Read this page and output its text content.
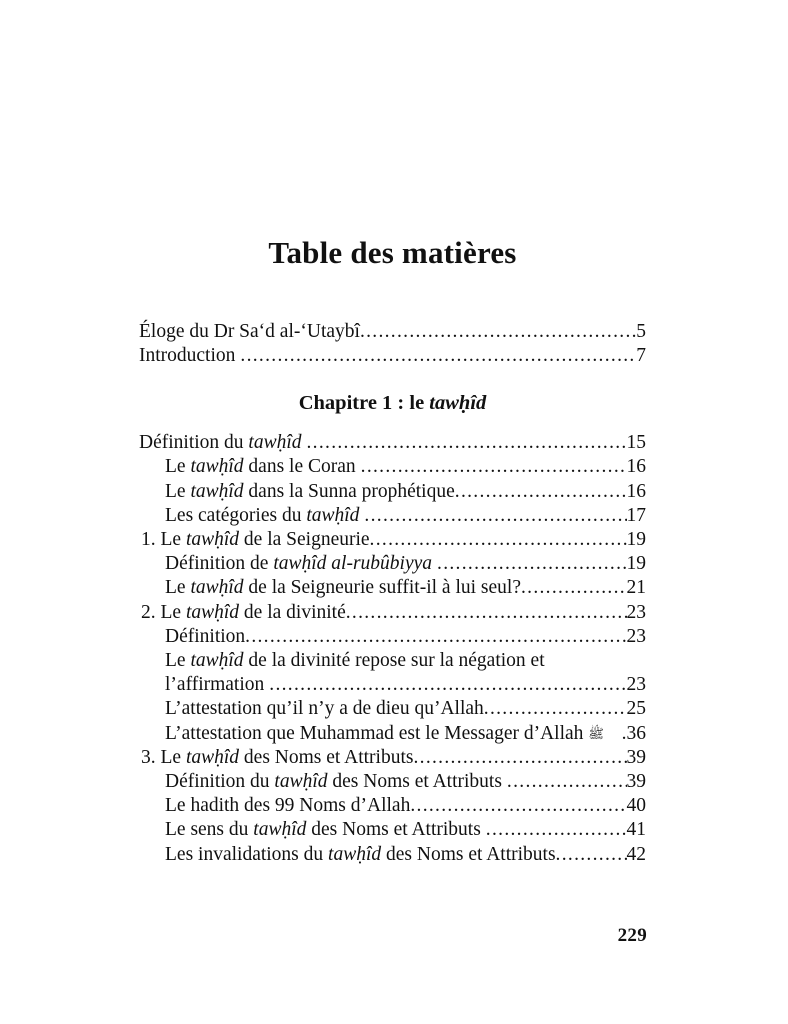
Table des matières
Éloge du Dr Saʻd al-ʻUtaybî .....	5
Introduction .....	7
Chapitre 1 : le tawḥîd
Définition du tawḥîd .....	15
Le tawḥîd dans le Coran .....	16
Le tawḥîd dans la Sunna prophétique .....	16
Les catégories du tawḥîd .....	17
1. Le tawḥîd de la Seigneurie .....	19
Définition de tawḥîd al-rubûbiyya .....	19
Le tawḥîd de la Seigneurie suffit-il à lui seul? .....	21
2. Le tawḥîd de la divinité .....	23
Définition .....	23
Le tawḥîd de la divinité repose sur la négation et
l’affirmation .....	23
L’attestation qu’il n’y a de dieu qu’Allah .....	25
L’attestation que Muhammad est le Messager d’Allah ﷺ .36
3. Le tawḥîd des Noms et Attributs .....	39
Définition du tawḥîd des Noms et Attributs .....	39
Le hadith des 99 Noms d’Allah .....	40
Le sens du tawḥîd des Noms et Attributs .....	41
Les invalidations du tawḥîd des Noms et Attributs .....	42
229
